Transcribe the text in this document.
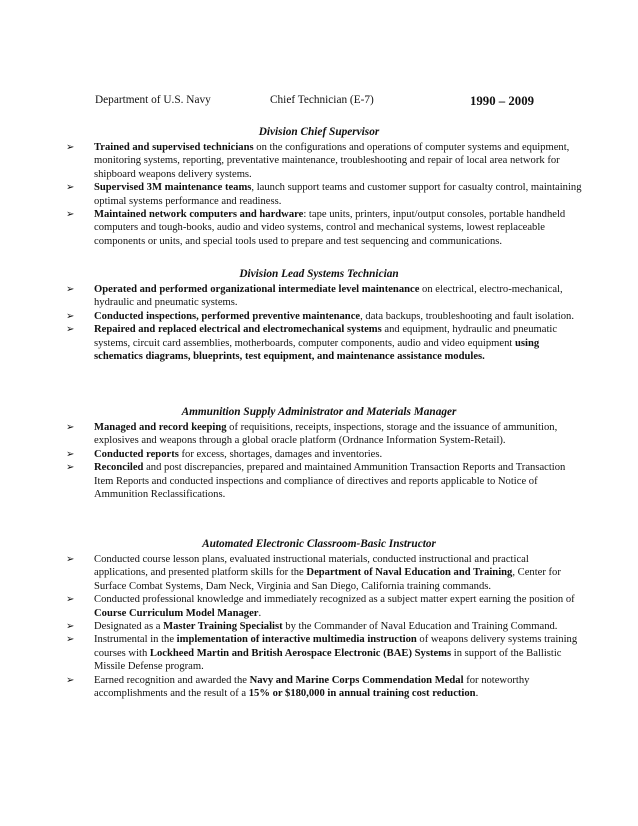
Department of U.S. Navy	Chief Technician (E-7)	1990 – 2009
Division Chief Supervisor
➢ Trained and supervised technicians on the configurations and operations of computer systems and equipment, monitoring systems, reporting, preventative maintenance, troubleshooting and repair of local area network for shipboard weapons delivery systems.
➢ Supervised 3M maintenance teams, launch support teams and customer support for casualty control, maintaining optimal systems performance and readiness.
➢ Maintained network computers and hardware: tape units, printers, input/output consoles, portable handheld computers and tough-books, audio and video systems, control and mechanical systems, lowest replaceable components or units, and special tools used to prepare and test sequencing and communications.
Division Lead Systems Technician
➢ Operated and performed organizational intermediate level maintenance on electrical, electro-mechanical, hydraulic and pneumatic systems.
➢ Conducted inspections, performed preventive maintenance, data backups, troubleshooting and fault isolation.
➢ Repaired and replaced electrical and electromechanical systems and equipment, hydraulic and pneumatic systems, circuit card assemblies, motherboards, computer components, audio and video equipment using schematics diagrams, blueprints, test equipment, and maintenance assistance modules.
Ammunition Supply Administrator and Materials Manager
➢ Managed and record keeping of requisitions, receipts, inspections, storage and the issuance of ammunition, explosives and weapons through a global oracle platform (Ordnance Information System-Retail).
➢ Conducted reports for excess, shortages, damages and inventories.
➢ Reconciled and post discrepancies, prepared and maintained Ammunition Transaction Reports and Transaction Item Reports and conducted inspections and compliance of directives and reports applicable to Notice of Ammunition Reclassifications.
Automated Electronic Classroom-Basic Instructor
➢ Conducted course lesson plans, evaluated instructional materials, conducted instructional and practical applications, and presented platform skills for the Department of Naval Education and Training, Center for Surface Combat Systems, Dam Neck, Virginia and San Diego, California training commands.
➢ Conducted professional knowledge and immediately recognized as a subject matter expert earning the position of Course Curriculum Model Manager.
➢ Designated as a Master Training Specialist by the Commander of Naval Education and Training Command.
➢ Instrumental in the implementation of interactive multimedia instruction of weapons delivery systems training courses with Lockheed Martin and British Aerospace Electronic (BAE) Systems in support of the Ballistic Missile Defense program.
➢ Earned recognition and awarded the Navy and Marine Corps Commendation Medal for noteworthy accomplishments and the result of a 15% or $180,000 in annual training cost reduction.
